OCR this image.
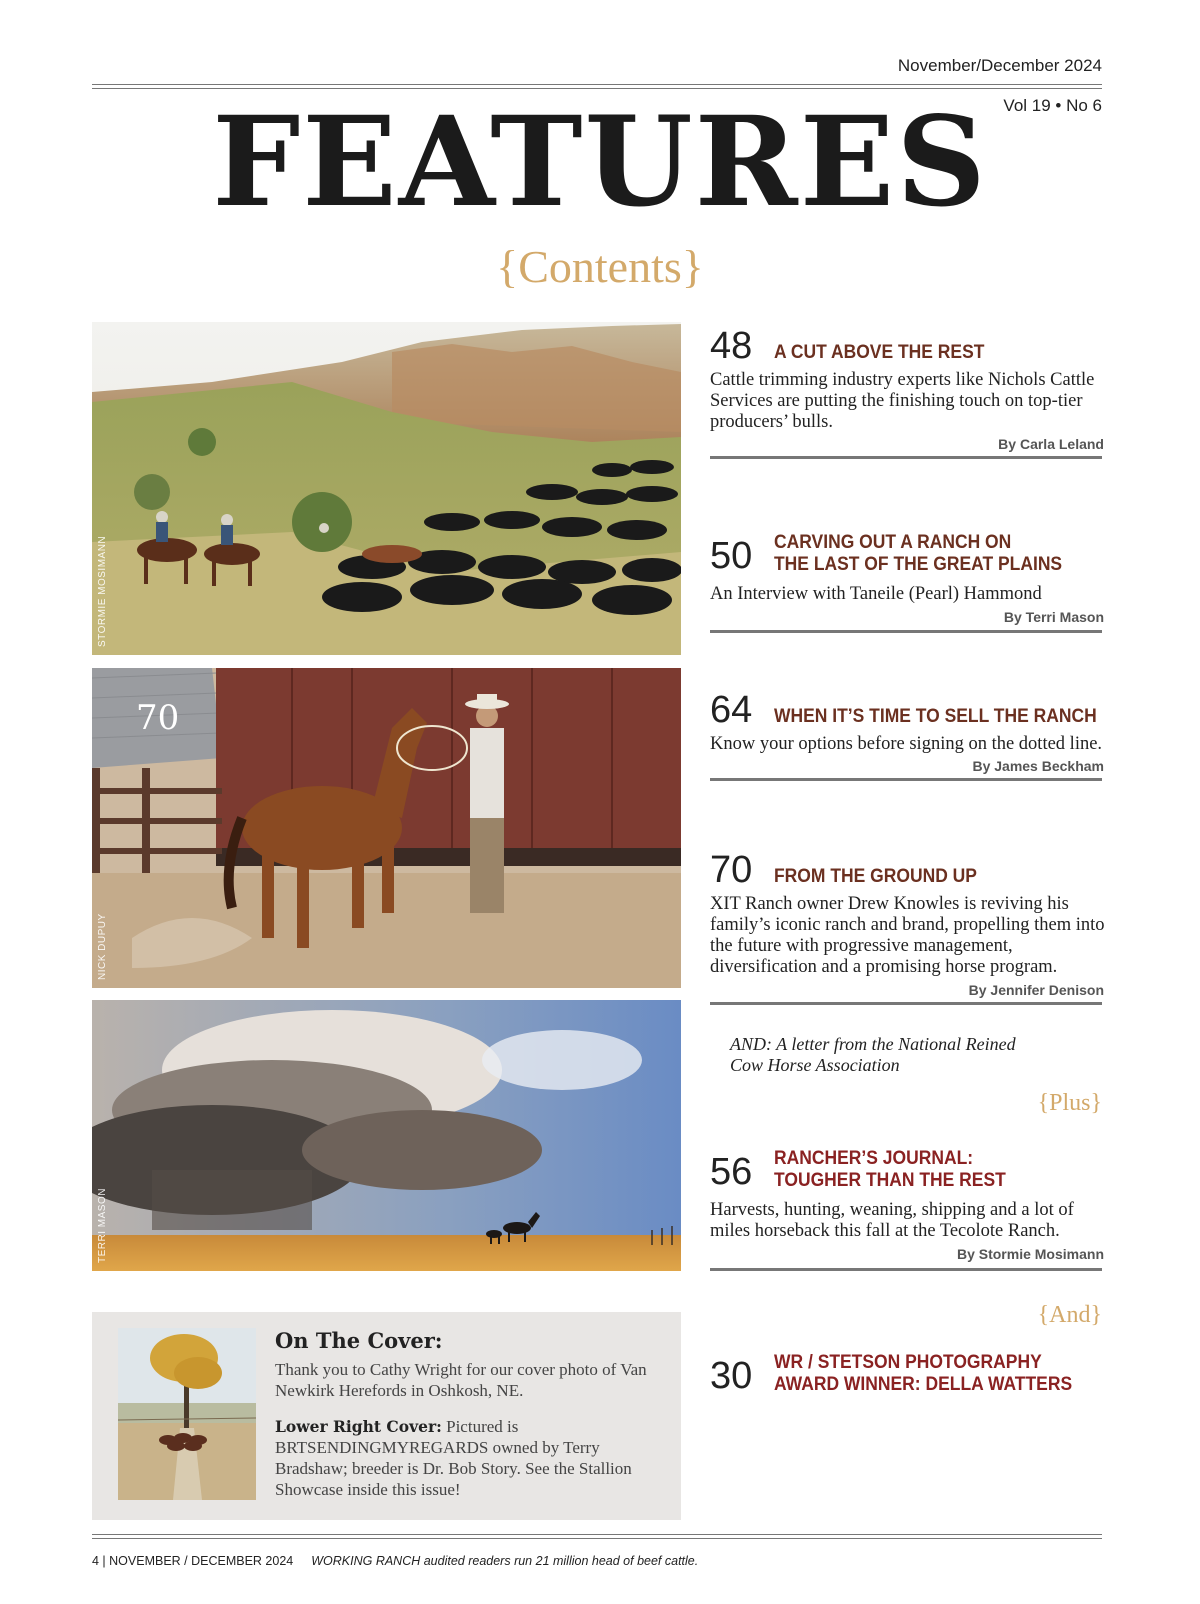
November/December 2024
Vol 19 • No 6
FEATURES
{Contents}
STORMIE MOSIMANN
70
NICK DUPUY
TERRI MASON
48 A CUT ABOVE THE REST
Cattle trimming industry experts like Nichols Cattle Services are putting the finishing touch on top-tier producers’ bulls.
By Carla Leland
50 CARVING OUT A RANCH ON
THE LAST OF THE GREAT PLAINS
An Interview with Taneile (Pearl) Hammond
By Terri Mason
64 WHEN IT’S TIME TO SELL THE RANCH
Know your options before signing on the dotted line.
By James Beckham
70 FROM THE GROUND UP
XIT Ranch owner Drew Knowles is reviving his family’s iconic ranch and brand, propelling them into the future with progressive management, diversification and a promising horse program.
By Jennifer Denison
AND: A letter from the National Reined Cow Horse Association
{Plus}
56 RANCHER’S JOURNAL:
TOUGHER THAN THE REST
Harvests, hunting, weaning, shipping and a lot of miles horseback this fall at the Tecolote Ranch.
By Stormie Mosimann
{And}
30 WR / STETSON PHOTOGRAPHY
AWARD WINNER: DELLA WATTERS
On The Cover:
Thank you to Cathy Wright for our cover photo of Van Newkirk Herefords in Oshkosh, NE.
Lower Right Cover: Pictured is BRTSENDINGMYREGARDS owned by Terry Bradshaw; breeder is Dr. Bob Story. See the Stallion Showcase inside this issue!
4 | NOVEMBER / DECEMBER 2024 WORKING RANCH audited readers run 21 million head of beef cattle.
